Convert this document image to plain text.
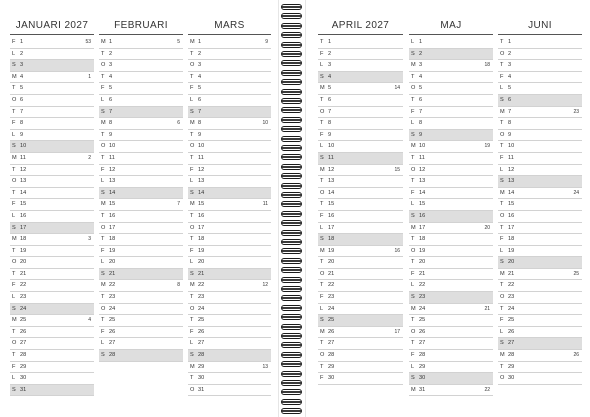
JANUARI 2027
F 1	53
L 2
S 3
M 4	1
T 5
O 6
T 7
F 8
L 9
S 10
M 11	2
T 12
O 13
T 14
F 15
L 16
S 17
M 18	3
T 19
O 20
T 21
F 22
L 23
S 24
M 25	4
T 26
O 27
T 28
F 29
L 30
S 31
FEBRUARI
M 1	5
T 2
O 3
T 4
F 5
L 6
S 7
M 8	6
T 9
O 10
T 11
F 12
L 13
S 14
M 15	7
T 16
O 17
T 18
F 19
L 20
S 21
M 22	8
T 23
O 24
T 25
F 26
L 27
S 28
MARS
M 1	9
T 2
O 3
T 4
F 5
L 6
S 7
M 8	10
T 9
O 10
T 11
F 12
L 13
S 14
M 15	11
T 16
O 17
T 18
F 19
L 20
S 21
M 22	12
T 23
O 24
T 25
F 26
L 27
S 28
M 29	13
T 30
O 31
APRIL 2027
T 1
F 2
L 3
S 4
M 5	14
T 6
O 7
T 8
F 9
L 10
S 11
M 12	15
T 13
O 14
T 15
F 16
L 17
S 18
M 19	16
T 20
O 21
T 22
F 23
L 24
S 25
M 26	17
T 27
O 28
T 29
F 30
MAJ
L 1
S 2
M 3	18
T 4
O 5
T 6
F 7
L 8
S 9
M 10	19
T 11
O 12
T 13
F 14
L 15
S 16
M 17	20
T 18
O 19
T 20
F 21
L 22
S 23
M 24	21
T 25
O 26
T 27
F 28
L 29
S 30
M 31	22
JUNI
T 1
O 2
T 3
F 4
L 5
S 6
M 7	23
T 8
O 9
T 10
F 11
L 12
S 13
M 14	24
T 15
O 16
T 17
F 18
L 19
S 20
M 21	25
T 22
O 23
T 24
F 25
L 26
S 27
M 28	26
T 29
O 30
